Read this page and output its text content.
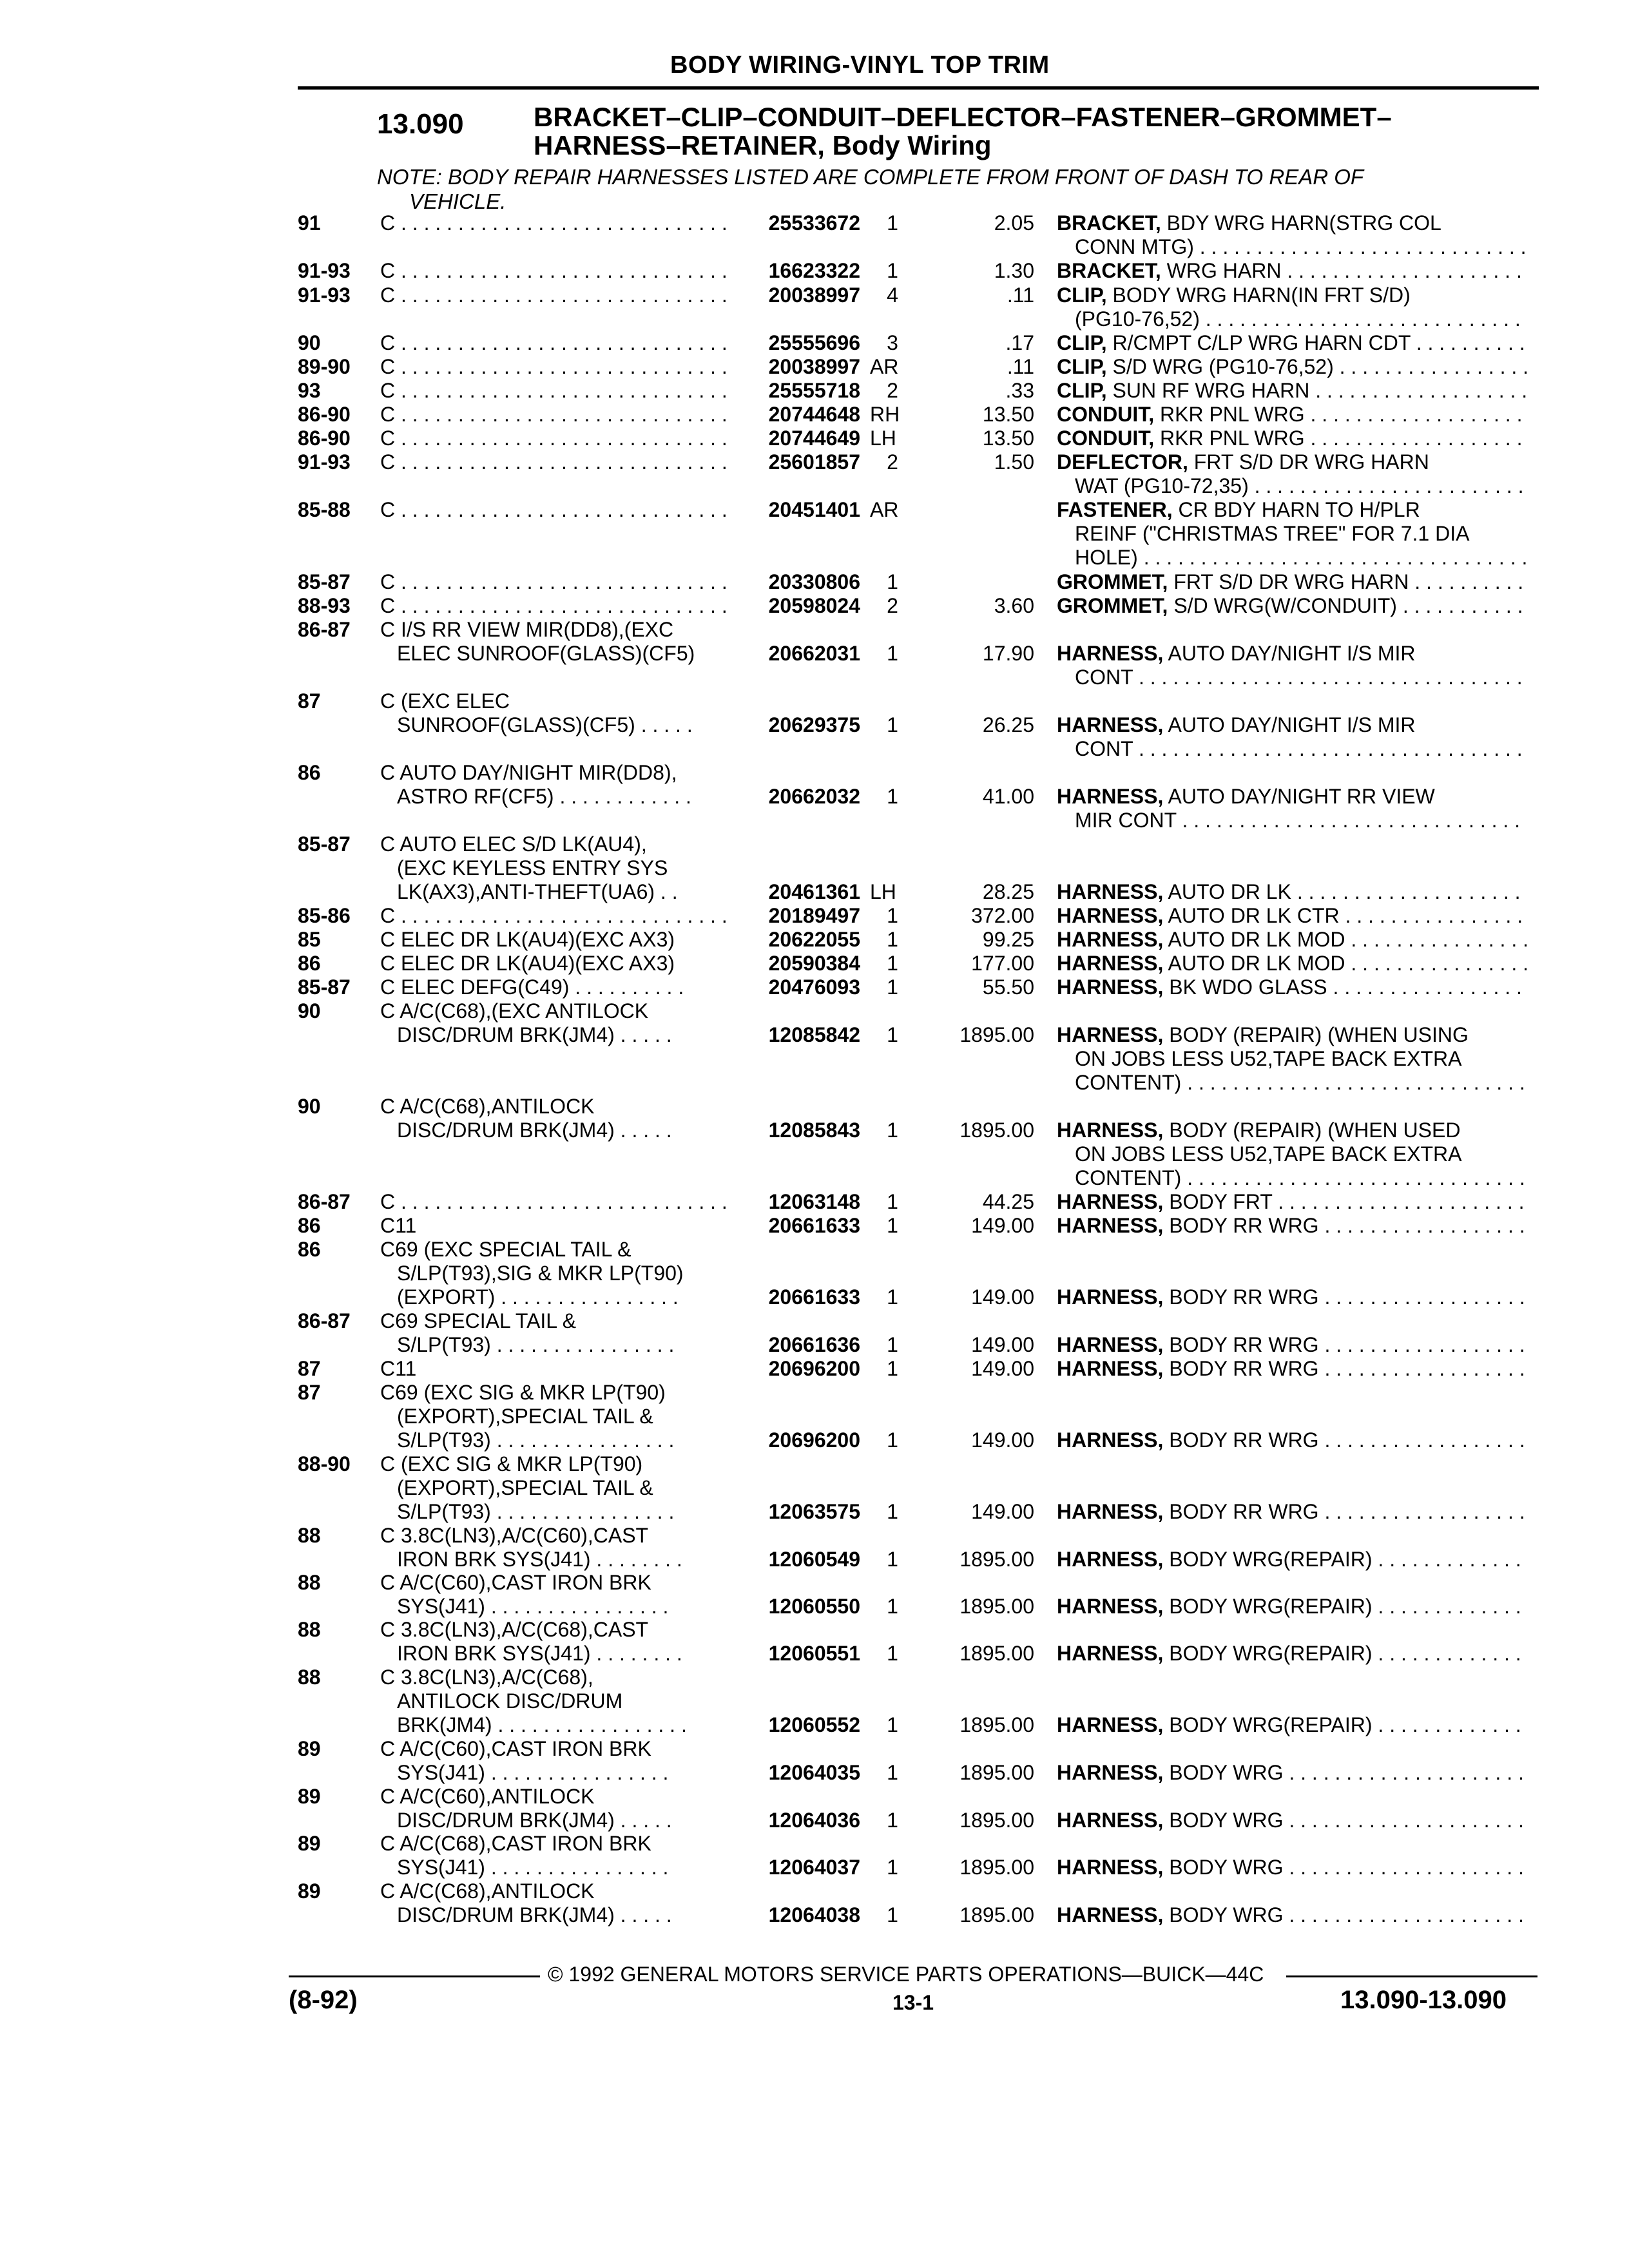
BODY WIRING-VINYL TOP TRIM
13.090	BRACKET–CLIP–CONDUIT–DEFLECTOR–FASTENER–GROMMET–
HARNESS–RETAINER, Body Wiring
NOTE: BODY REPAIR HARNESSES LISTED ARE COMPLETE FROM FRONT OF DASH TO REAR OF
VEHICLE.
91	C . . .	25533672	1	2.05 BRACKET, BDY WRG HARN(STRG COL
CONN MTG) . . .
91-93 C . . .	16623322	1	1.30 BRACKET, WRG HARN . . .
91-93 C . . .	20038997	4	.11 CLIP, BODY WRG HARN(IN FRT S/D)
(PG10-76,52) . . .
90	C . . .	25555696	3	.17 CLIP, R/CMPT C/LP WRG HARN CDT . . .
89-90 C . . .	20038997 AR	.11 CLIP, S/D WRG (PG10-76,52) . . .
93	C . . .	25555718	2	.33 CLIP, SUN RF WRG HARN . . .
86-90 C . . .	20744648 RH	13.50 CONDUIT, RKR PNL WRG . . .
86-90 C . . .	20744649 LH	13.50 CONDUIT, RKR PNL WRG . . .
91-93 C . . .	25601857	2	1.50 DEFLECTOR, FRT S/D DR WRG HARN
WAT (PG10-72,35) . . .
85-88 C . . .	20451401 AR	FASTENER, CR BDY HARN TO H/PLR
REINF ("CHRISTMAS TREE" FOR 7.1 DIA
HOLE) . . .
85-87 C . . .	20330806	1	GROMMET, FRT S/D DR WRG HARN . . .
88-93 C . . .	20598024	2	3.60 GROMMET, S/D WRG(W/CONDUIT) . . .
86-87 C I/S RR VIEW MIR(DD8),(EXC
ELEC SUNROOF(GLASS)(CF5)	20662031	1	17.90 HARNESS, AUTO DAY/NIGHT I/S MIR
CONT . . .
87	C (EXC ELEC
SUNROOF(GLASS)(CF5) . . . . .	20629375	1	26.25 HARNESS, AUTO DAY/NIGHT I/S MIR
CONT . . .
86	C AUTO DAY/NIGHT MIR(DD8),
ASTRO RF(CF5) . . . . . . . . . . . .	20662032	1	41.00 HARNESS, AUTO DAY/NIGHT RR VIEW
MIR CONT . . .
85-87 C AUTO ELEC S/D LK(AU4),
(EXC KEYLESS ENTRY SYS
LK(AX3),ANTI-THEFT(UA6) . .	20461361 LH	28.25 HARNESS, AUTO DR LK . . .
85-86 C . . .	20189497	1	372.00 HARNESS, AUTO DR LK CTR . . .
85	C ELEC DR LK(AU4)(EXC AX3)	20622055	1	99.25 HARNESS, AUTO DR LK MOD . . .
86	C ELEC DR LK(AU4)(EXC AX3)	20590384	1	177.00 HARNESS, AUTO DR LK MOD . . .
85-87 C ELEC DEFG(C49) . . . . . . . . . .	20476093	1	55.50 HARNESS, BK WDO GLASS . . .
90	C A/C(C68),(EXC ANTILOCK
DISC/DRUM BRK(JM4) . . . . .	12085842	1	1895.00 HARNESS, BODY (REPAIR) (WHEN USING
ON JOBS LESS U52,TAPE BACK EXTRA
CONTENT) . . .
90	C A/C(C68),ANTILOCK
DISC/DRUM BRK(JM4) . . . . .	12085843	1	1895.00 HARNESS, BODY (REPAIR) (WHEN USED
ON JOBS LESS U52,TAPE BACK EXTRA
CONTENT) . . .
86-87 C . . .	12063148	1	44.25 HARNESS, BODY FRT . . .
86	C11	20661633	1	149.00 HARNESS, BODY RR WRG . . .
86	C69 (EXC SPECIAL TAIL &
S/LP(T93),SIG & MKR LP(T90)
(EXPORT) . . . . . . . . . . . . . . . .	20661633	1	149.00 HARNESS, BODY RR WRG . . .
86-87 C69 SPECIAL TAIL &
S/LP(T93) . . . . . . . . . . . . . . . .	20661636	1	149.00 HARNESS, BODY RR WRG . . .
87	C11	20696200	1	149.00 HARNESS, BODY RR WRG . . .
87	C69 (EXC SIG & MKR LP(T90)
(EXPORT),SPECIAL TAIL &
S/LP(T93) . . . . . . . . . . . . . . . .	20696200	1	149.00 HARNESS, BODY RR WRG . . .
88-90 C (EXC SIG & MKR LP(T90)
(EXPORT),SPECIAL TAIL &
S/LP(T93) . . . . . . . . . . . . . . . .	12063575	1	149.00 HARNESS, BODY RR WRG . . .
88	C 3.8C(LN3),A/C(C60),CAST
IRON BRK SYS(J41) . . . . . . . .	12060549	1	1895.00 HARNESS, BODY WRG(REPAIR) . . .
88	C A/C(C60),CAST IRON BRK
SYS(J41) . . . . . . . . . . . . . . . .	12060550	1	1895.00 HARNESS, BODY WRG(REPAIR) . . .
88	C 3.8C(LN3),A/C(C68),CAST
IRON BRK SYS(J41) . . . . . . . .	12060551	1	1895.00 HARNESS, BODY WRG(REPAIR) . . .
88	C 3.8C(LN3),A/C(C68),
ANTILOCK DISC/DRUM
BRK(JM4) . . . . . . . . . . . . . . . . .	12060552	1	1895.00 HARNESS, BODY WRG(REPAIR) . . .
89	C A/C(C60),CAST IRON BRK
SYS(J41) . . . . . . . . . . . . . . . .	12064035	1	1895.00 HARNESS, BODY WRG . . .
89	C A/C(C60),ANTILOCK
DISC/DRUM BRK(JM4) . . . . .	12064036	1	1895.00 HARNESS, BODY WRG . . .
89	C A/C(C68),CAST IRON BRK
SYS(J41) . . . . . . . . . . . . . . . .	12064037	1	1895.00 HARNESS, BODY WRG . . .
89	C A/C(C68),ANTILOCK
DISC/DRUM BRK(JM4) . . . . .	12064038	1	1895.00 HARNESS, BODY WRG . . .
© 1992 GENERAL MOTORS SERVICE PARTS OPERATIONS—BUICK—44C
(8-92)	13-1	13.090-13.090
